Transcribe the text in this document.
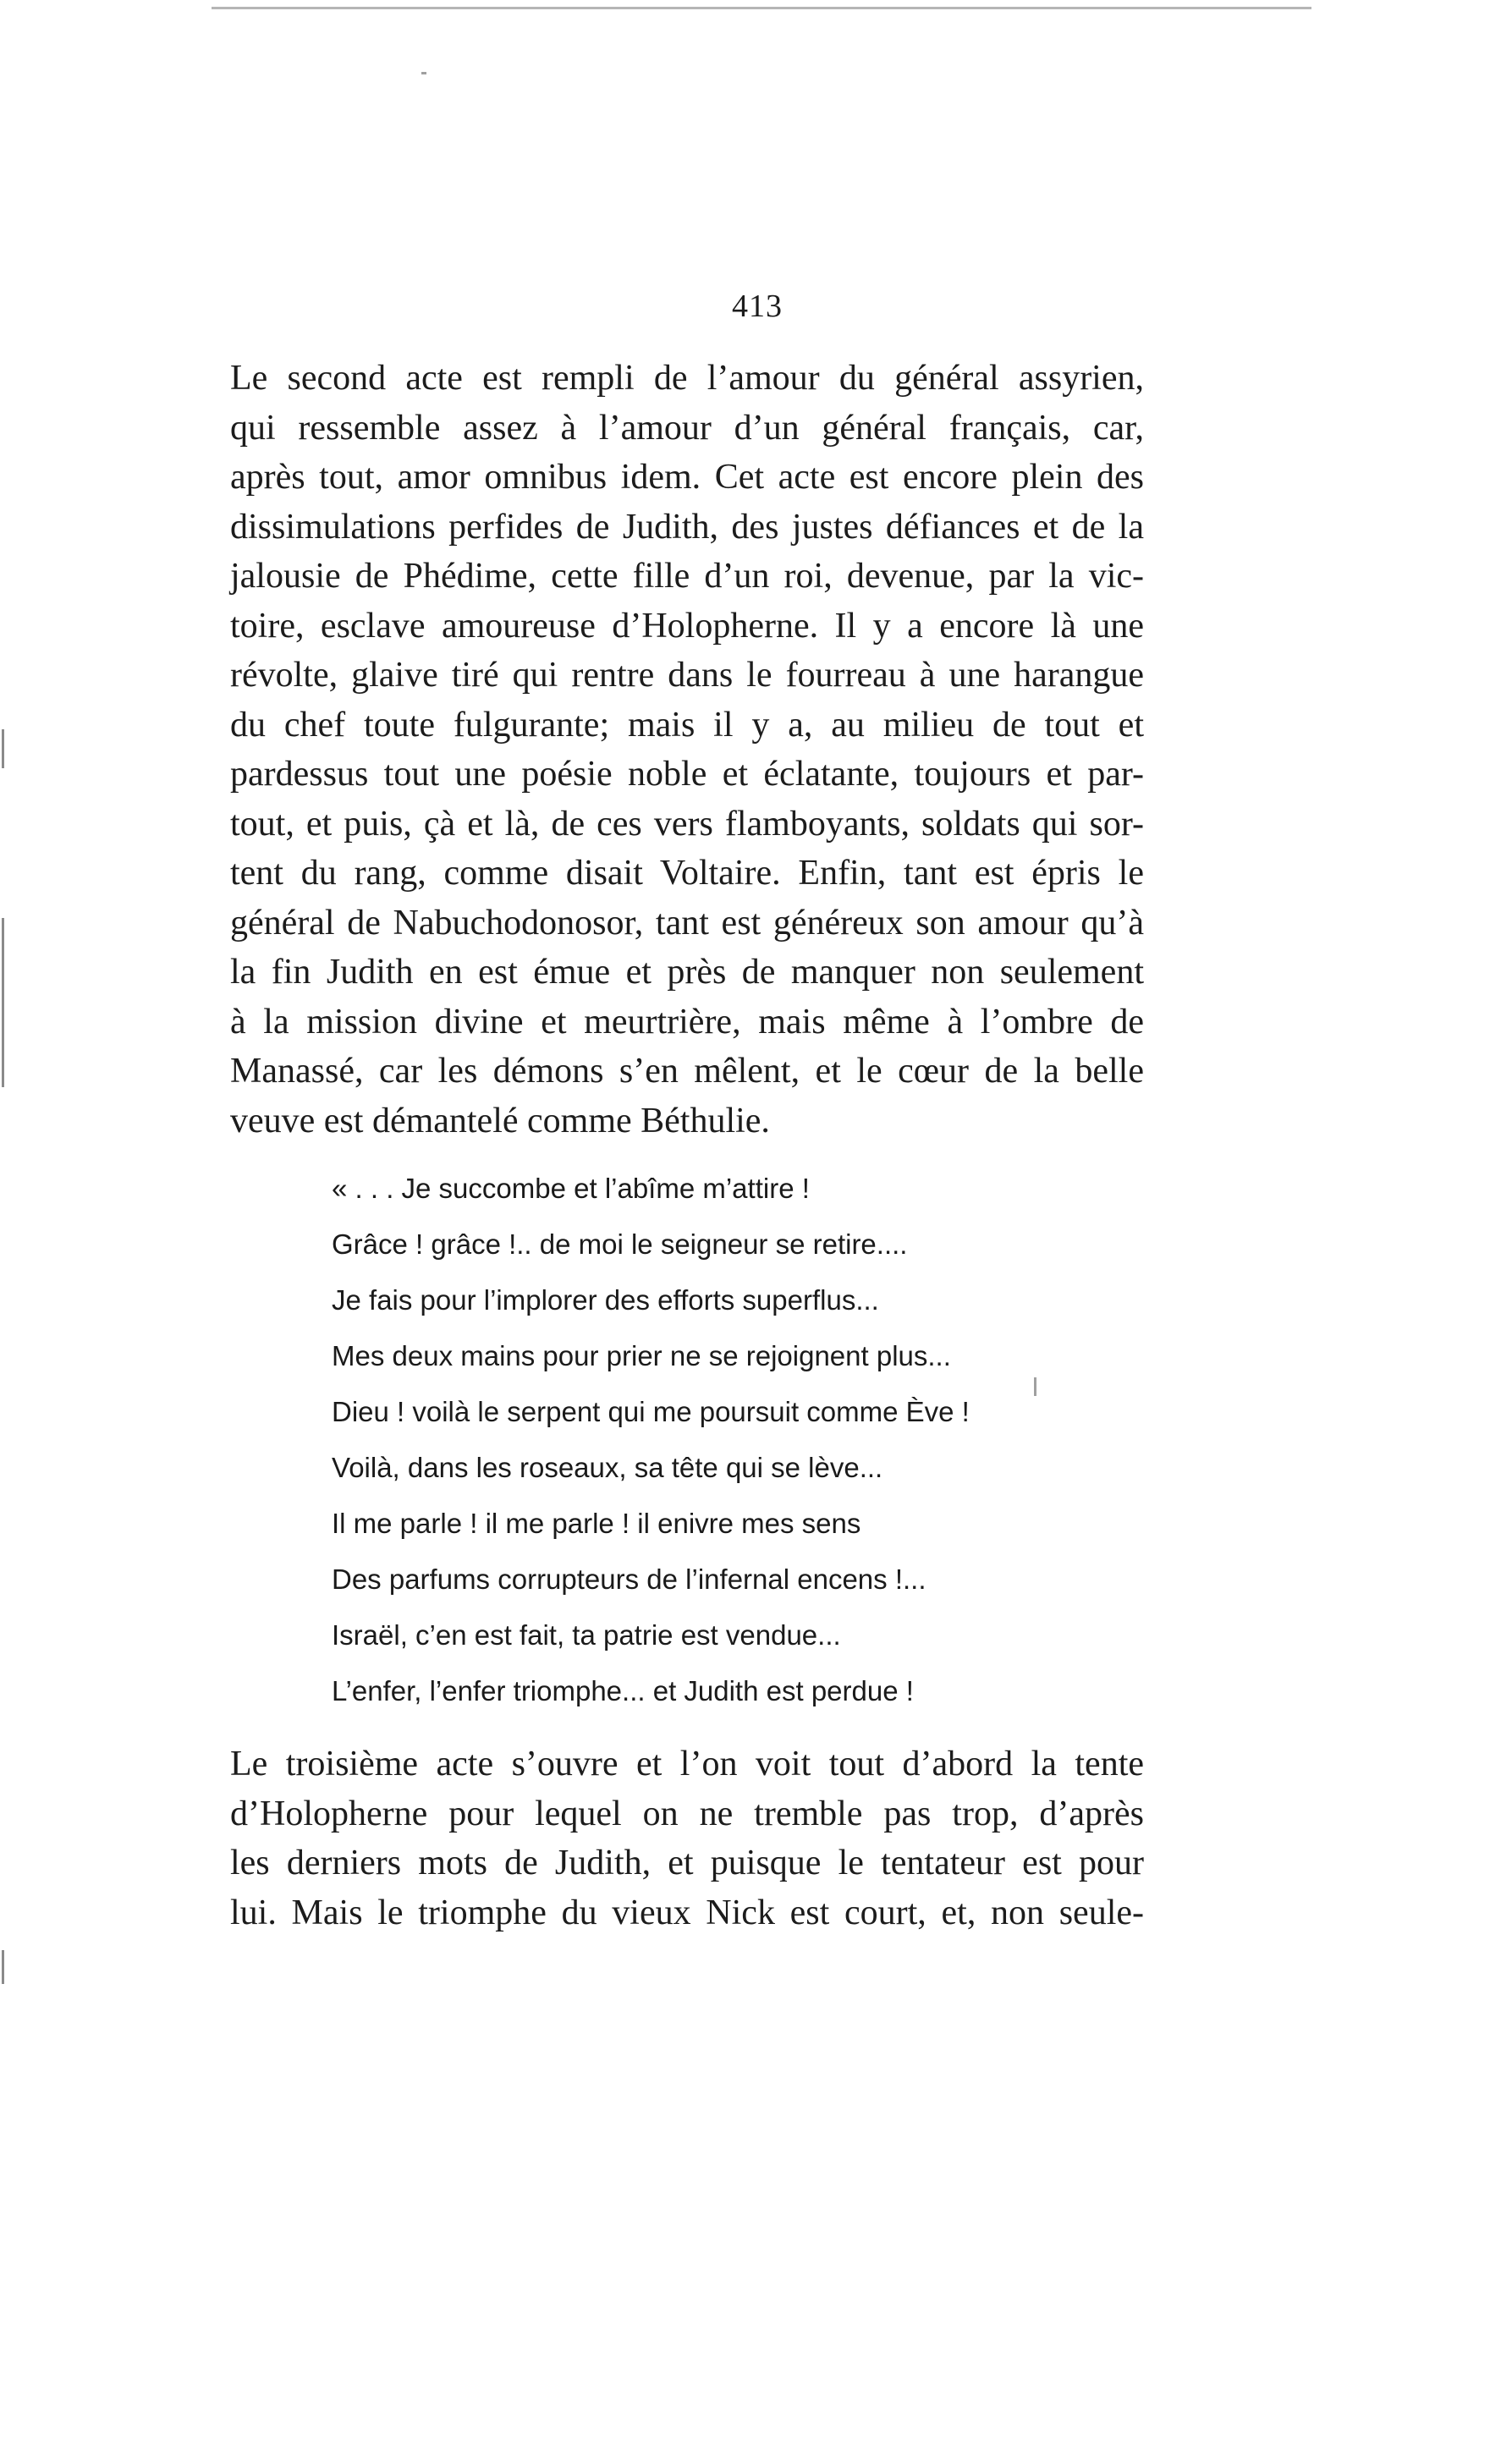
413
Le second acte est rempli de l’amour du général assyrien,
qui ressemble assez à l’amour d’un général français, car,
après tout, amor omnibus idem. Cet acte est encore plein des
dissimulations perfides de Judith, des justes défiances et de la
jalousie de Phédime, cette fille d’un roi, devenue, par la vic-
toire, esclave amoureuse d’Holopherne. Il y a encore là une
révolte, glaive tiré qui rentre dans le fourreau à une harangue
du chef toute fulgurante; mais il y a, au milieu de tout et
pardessus tout une poésie noble et éclatante, toujours et par-
tout, et puis, çà et là, de ces vers flamboyants, soldats qui sor-
tent du rang, comme disait Voltaire. Enfin, tant est épris le
général de Nabuchodonosor, tant est généreux son amour qu’à
la fin Judith en est émue et près de manquer non seulement
à la mission divine et meurtrière, mais même à l’ombre de
Manassé, car les démons s’en mêlent, et le cœur de la belle
veuve est démantelé comme Béthulie.
« . . . Je succombe et l’abîme m’attire !
Grâce ! grâce !.. de moi le seigneur se retire....
Je fais pour l’implorer des efforts superflus...
Mes deux mains pour prier ne se rejoignent plus...
Dieu ! voilà le serpent qui me poursuit comme Ève !
Voilà, dans les roseaux, sa tête qui se lève...
Il me parle ! il me parle ! il enivre mes sens
Des parfums corrupteurs de l’infernal encens !...
Israël, c’en est fait, ta patrie est vendue...
L’enfer, l’enfer triomphe... et Judith est perdue !
Le troisième acte s’ouvre et l’on voit tout d’abord la tente
d’Holopherne pour lequel on ne tremble pas trop, d’après
les derniers mots de Judith, et puisque le tentateur est pour
lui. Mais le triomphe du vieux Nick est court, et, non seule-
